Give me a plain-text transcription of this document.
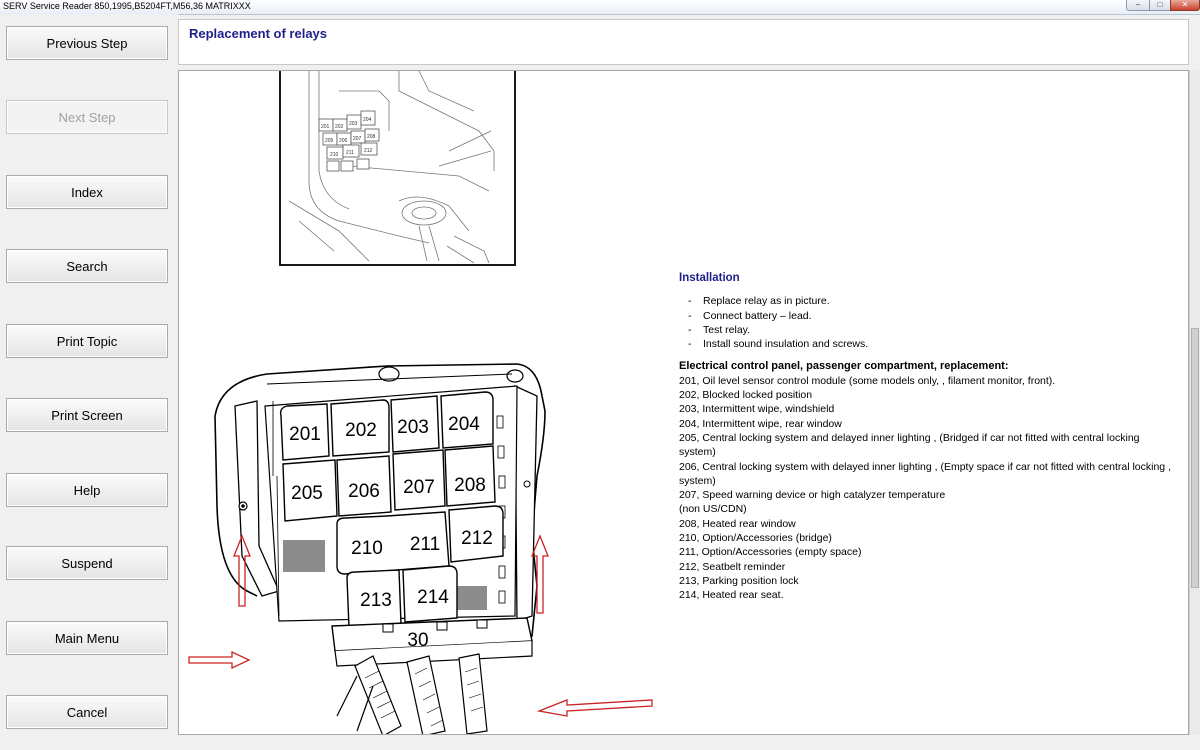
SERV Service Reader 850,1995,B5204FT,M56,36 MATRIXXX	–	□	✕
Previous Step
Next Step
Index
Search
Print Topic
Print Screen
Help
Suspend
Main Menu
Cancel
Replacement of relays
201 202 203
204
205 206 207 208
210 211 212
201 202 203 204
205 206 207 208
210 211 212
213 214
30
Installation
- Replace relay as in picture.
- Connect battery – lead.
- Test relay.
- Install sound insulation and screws.
Electrical control panel, passenger compartment, replacement:
201, Oil level sensor control module (some models only, , filament monitor, front).
202, Blocked locked position
203, Intermittent wipe, windshield
204, Intermittent wipe, rear window
205, Central locking system and delayed inner lighting , (Bridged if car not fitted with central locking system)
206, Central locking system with delayed inner lighting , (Empty space if car not fitted with central locking , system)
207, Speed warning device or high catalyzer temperature
(non US/CDN)
208, Heated rear window
210, Option/Accessories (bridge)
211, Option/Accessories (empty space)
212, Seatbelt reminder
213, Parking position lock
214, Heated rear seat.
